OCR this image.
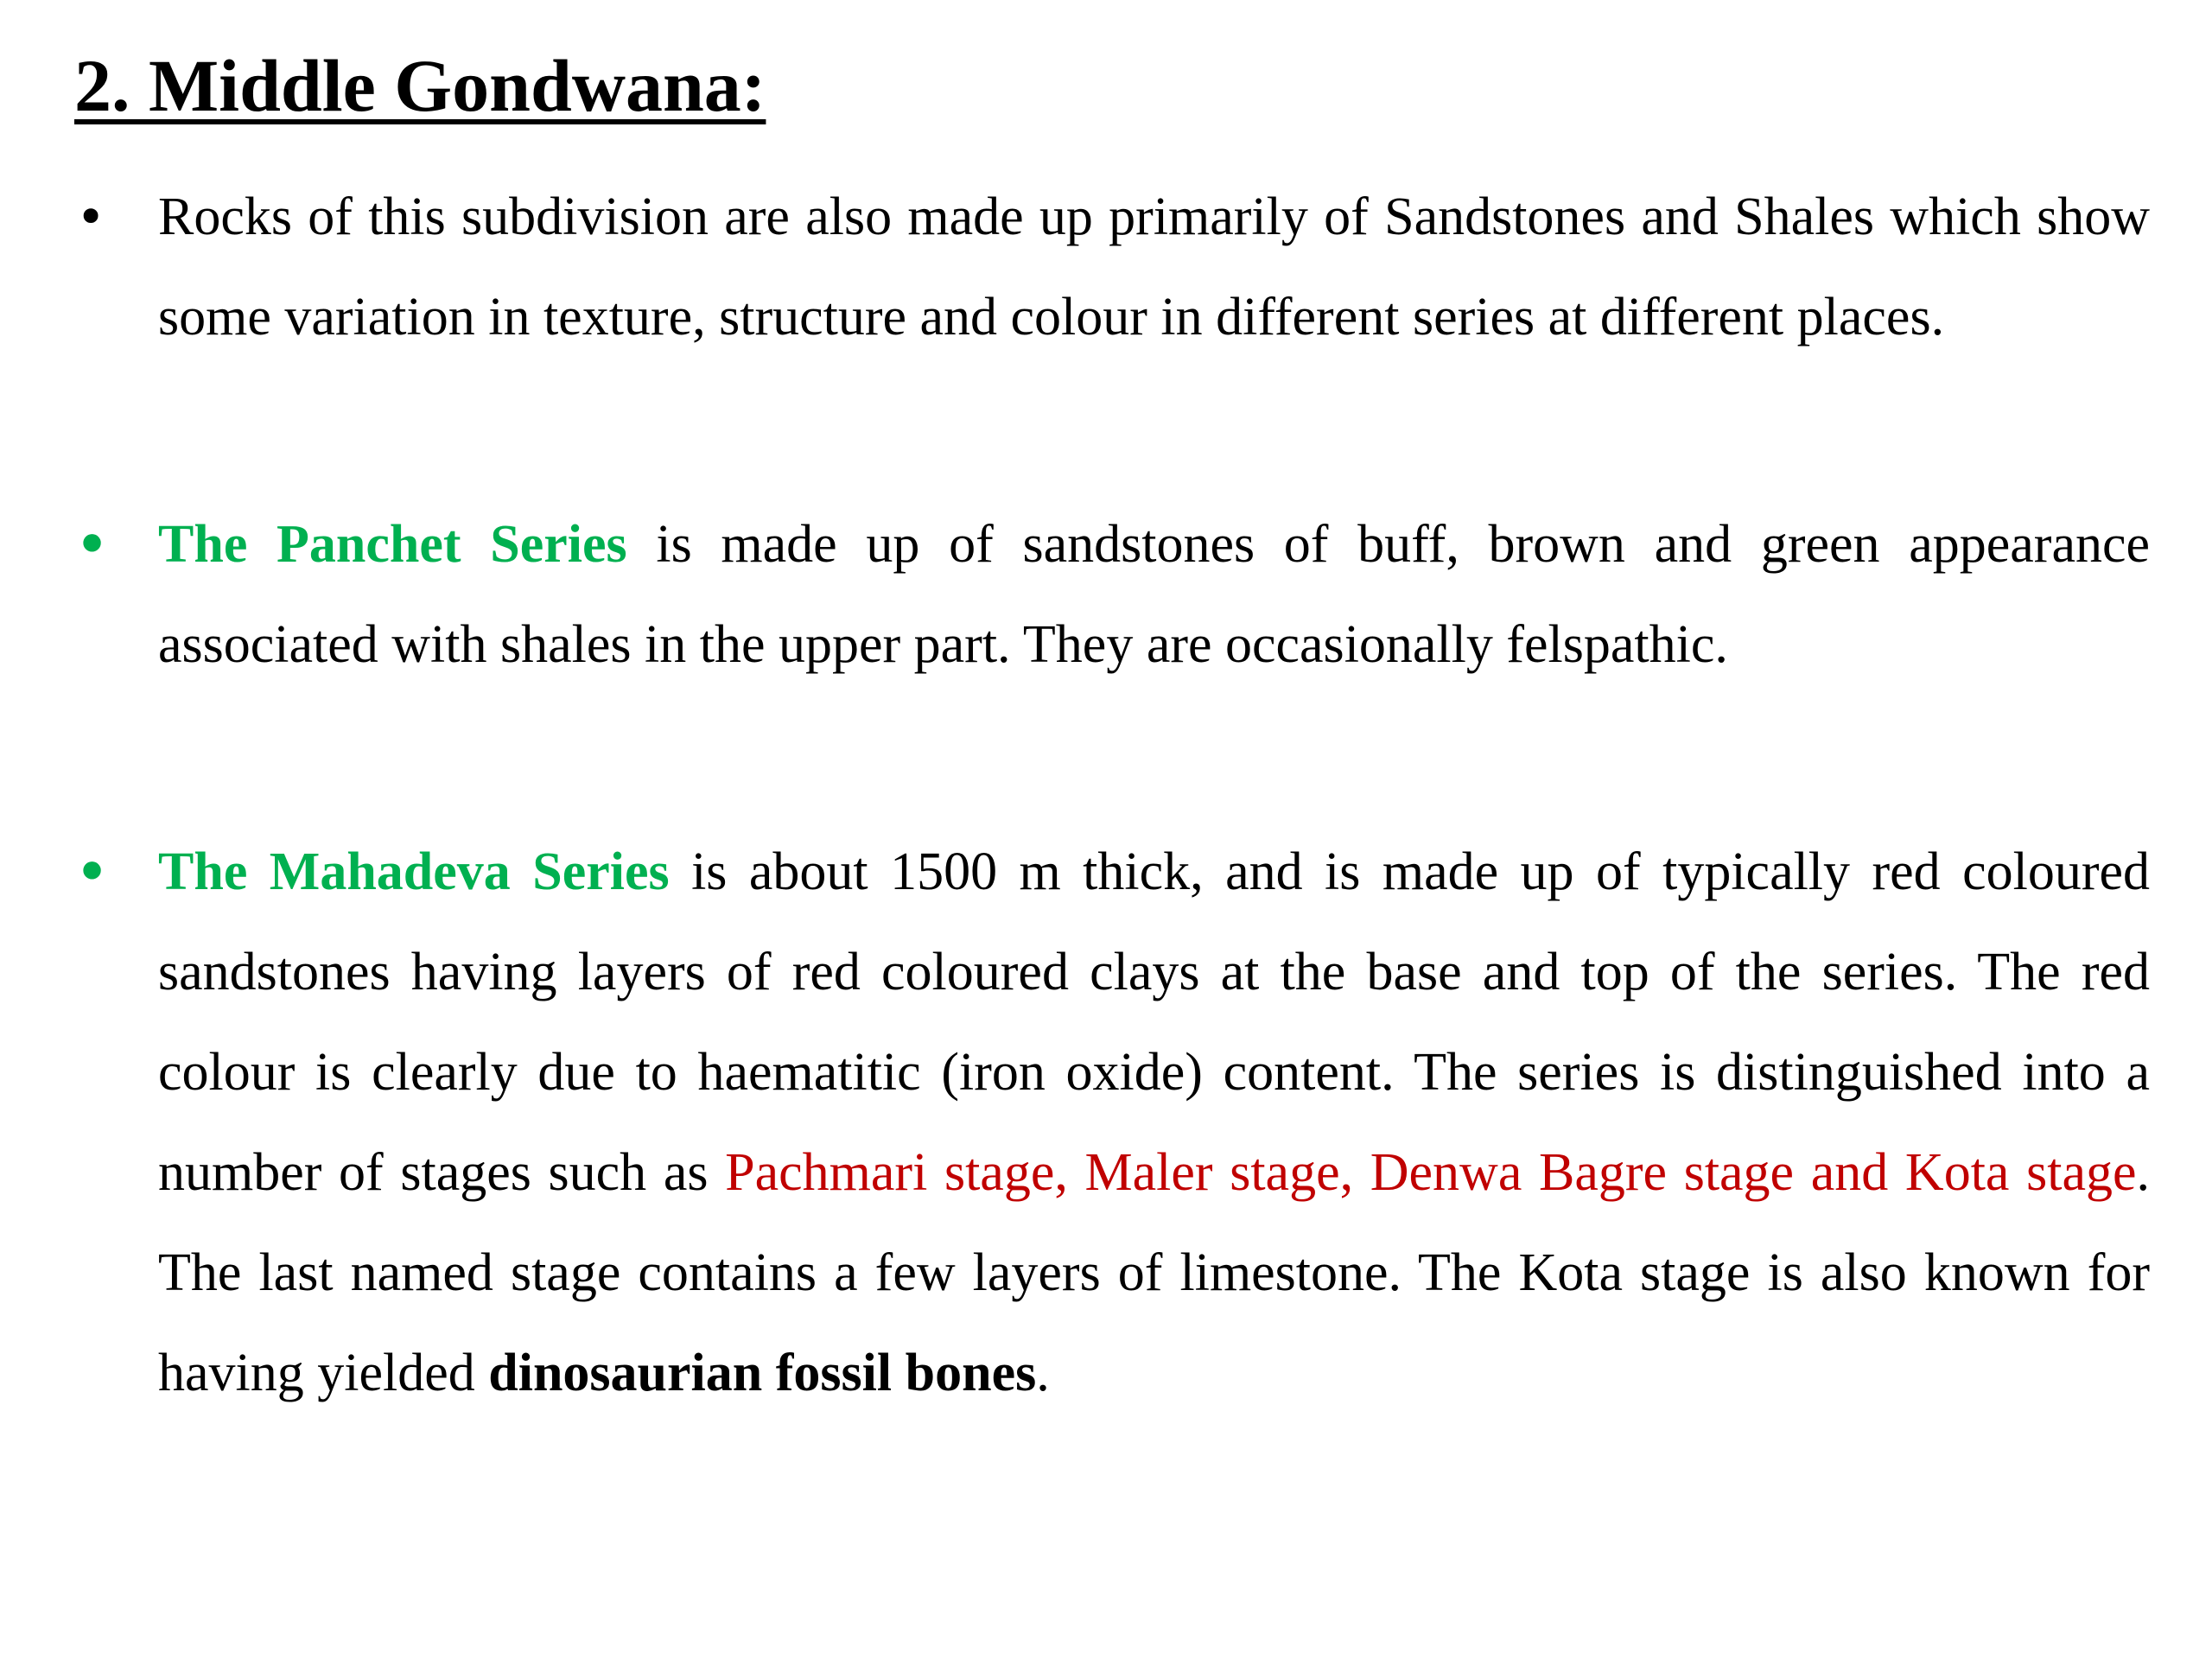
2. Middle Gondwana:
• Rocks of this subdivision are also made up primarily of Sandstones and Shales which show some variation in texture, structure and colour in different series at different places.
• The Panchet Series is made up of sandstones of buff, brown and green appearance associated with shales in the upper part. They are occasionally felspathic.
• The Mahadeva Series is about 1500 m thick, and is made up of typically red coloured sandstones having layers of red coloured clays at the base and top of the series. The red colour is clearly due to haematitic (iron oxide) content. The series is distinguished into a number of stages such as Pachmari stage, Maler stage, Denwa Bagre stage and Kota stage. The last named stage contains a few layers of limestone. The Kota stage is also known for having yielded dinosaurian fossil bones.
